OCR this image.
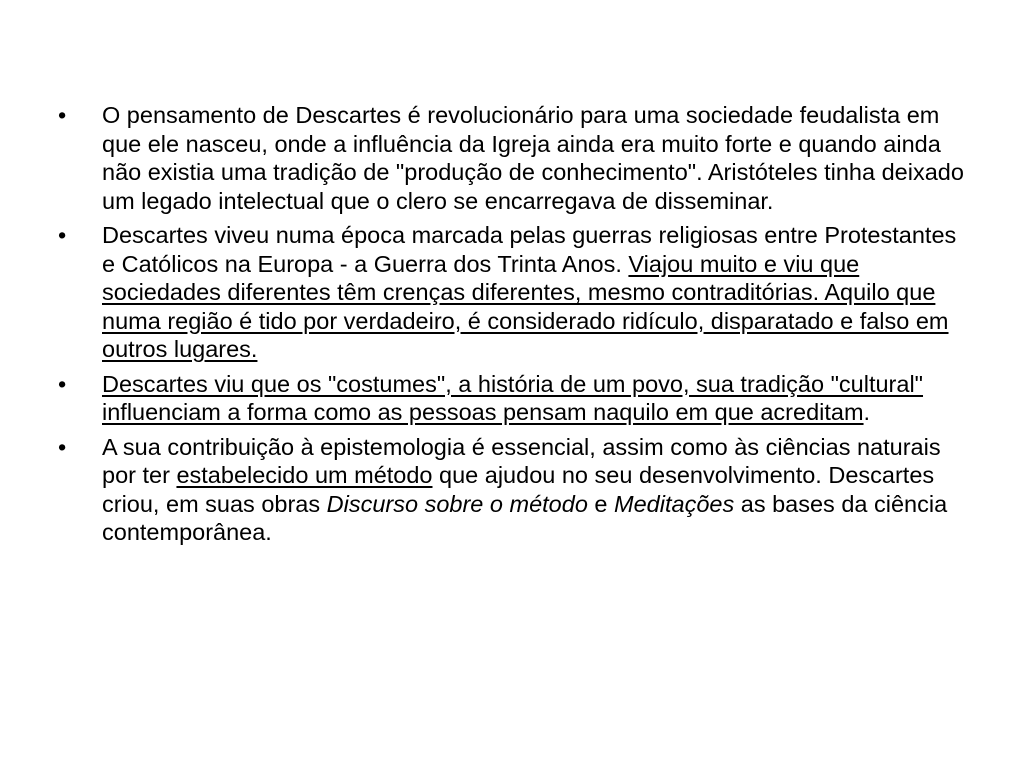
•	O pensamento de Descartes é revolucionário para uma sociedade feudalista em que ele nasceu, onde a influência da Igreja ainda era muito forte e quando ainda não existia uma tradição de "produção de conhecimento". Aristóteles tinha deixado um legado intelectual que o clero se encarregava de disseminar.
•	Descartes viveu numa época marcada pelas guerras religiosas entre Protestantes e Católicos na Europa - a Guerra dos Trinta Anos. Viajou muito e viu que sociedades diferentes têm crenças diferentes, mesmo contraditórias. Aquilo que numa região é tido por verdadeiro, é considerado ridículo, disparatado e falso em outros lugares.
•	Descartes viu que os "costumes", a história de um povo, sua tradição "cultural" influenciam a forma como as pessoas pensam naquilo em que acreditam.
•	A sua contribuição à epistemologia é essencial, assim como às ciências naturais por ter estabelecido um método que ajudou no seu desenvolvimento. Descartes criou, em suas obras Discurso sobre o método e Meditações as bases da ciência contemporânea.
